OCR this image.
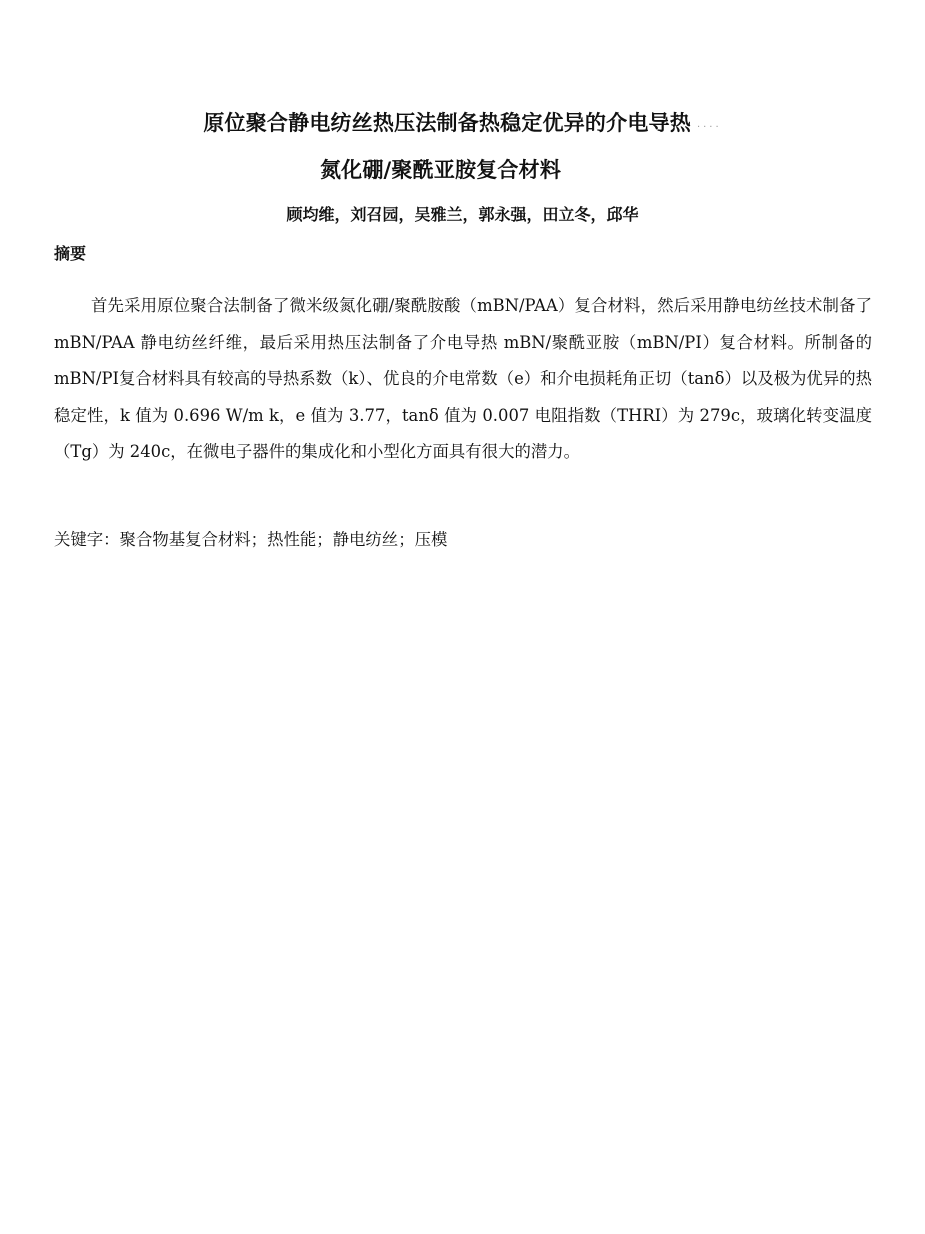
原位聚合静电纺丝热压法制备热稳定优异的介电导热 ....
氮化硼/聚酰亚胺复合材料

顾均维，刘召园，吴雅兰，郭永强，田立冬，邱华

摘要

首先采用原位聚合法制备了微米级氮化硼/聚酰胺酸（mBN/PAA）复合材料，然后采用静电纺丝技术制备了 mBN/PAA 静电纺丝纤维，最后采用热压法制备了介电导热 mBN/聚酰亚胺（mBN/PI）复合材料。所制备的mBN/PI复合材料具有较高的导热系数（k）、优良的介电常数（e）和介电损耗角正切（tanδ）以及极为优异的热稳定性，k 值为 0.696 W/m k，e 值为 3.77，tanδ 值为 0.007 电阻指数（THRI）为 279c，玻璃化转变温度（Tg）为 240c，在微电子器件的集成化和小型化方面具有很大的潜力。

关键字：聚合物基复合材料；热性能；静电纺丝；压模
